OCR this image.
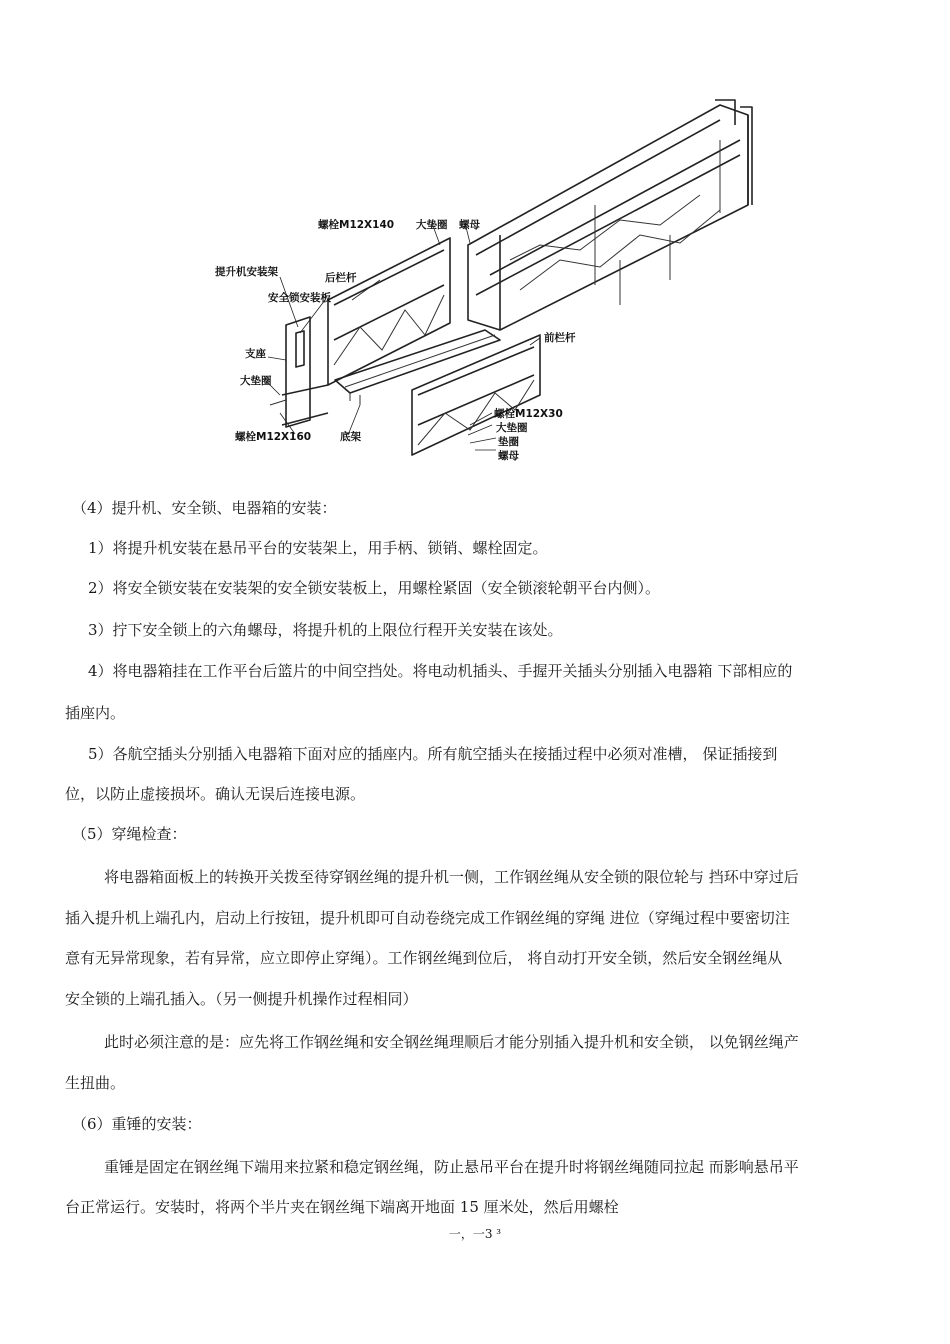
螺栓M12X140 大垫圈 螺母
提升机安装架	后栏杆
安全锁安装板
支座
大垫圈
螺栓M12X160	底架
前栏杆
螺栓M12X30
大垫圈
垫圈
螺母
（4）提升机、安全锁、电器箱的安装：
1）将提升机安装在悬吊平台的安装架上，用手柄、锁销、螺栓固定。
2）将安全锁安装在安装架的安全锁安装板上，用螺栓紧固（安全锁滚轮朝平台内侧）。
3）拧下安全锁上的六角螺母，将提升机的上限位行程开关安装在该处。
4）将电器箱挂在工作平台后篮片的中间空挡处。将电动机插头、手握开关插头分别插入电器箱 下部相应的
插座内。
5）各航空插头分别插入电器箱下面对应的插座内。所有航空插头在接插过程中必须对准槽， 保证插接到
位，以防止虚接损坏。确认无误后连接电源。
（5）穿绳检查：
将电器箱面板上的转换开关拨至待穿钢丝绳的提升机一侧，工作钢丝绳从安全锁的限位轮与 挡环中穿过后
插入提升机上端孔内，启动上行按钮，提升机即可自动卷绕完成工作钢丝绳的穿绳 进位（穿绳过程中要密切注
意有无异常现象，若有异常，应立即停止穿绳）。工作钢丝绳到位后， 将自动打开安全锁，然后安全钢丝绳从
安全锁的上端孔插入。（另一侧提升机操作过程相同）
此时必须注意的是：应先将工作钢丝绳和安全钢丝绳理顺后才能分别插入提升机和安全锁， 以免钢丝绳产
生扭曲。
（6）重锤的安装：
重锤是固定在钢丝绳下端用来拉紧和稳定钢丝绳，防止悬吊平台在提升时将钢丝绳随同拉起 而影响悬吊平
台正常运行。安装时，将两个半片夹在钢丝绳下端离开地面 15 厘米处，然后用螺栓
一，一3 ³
